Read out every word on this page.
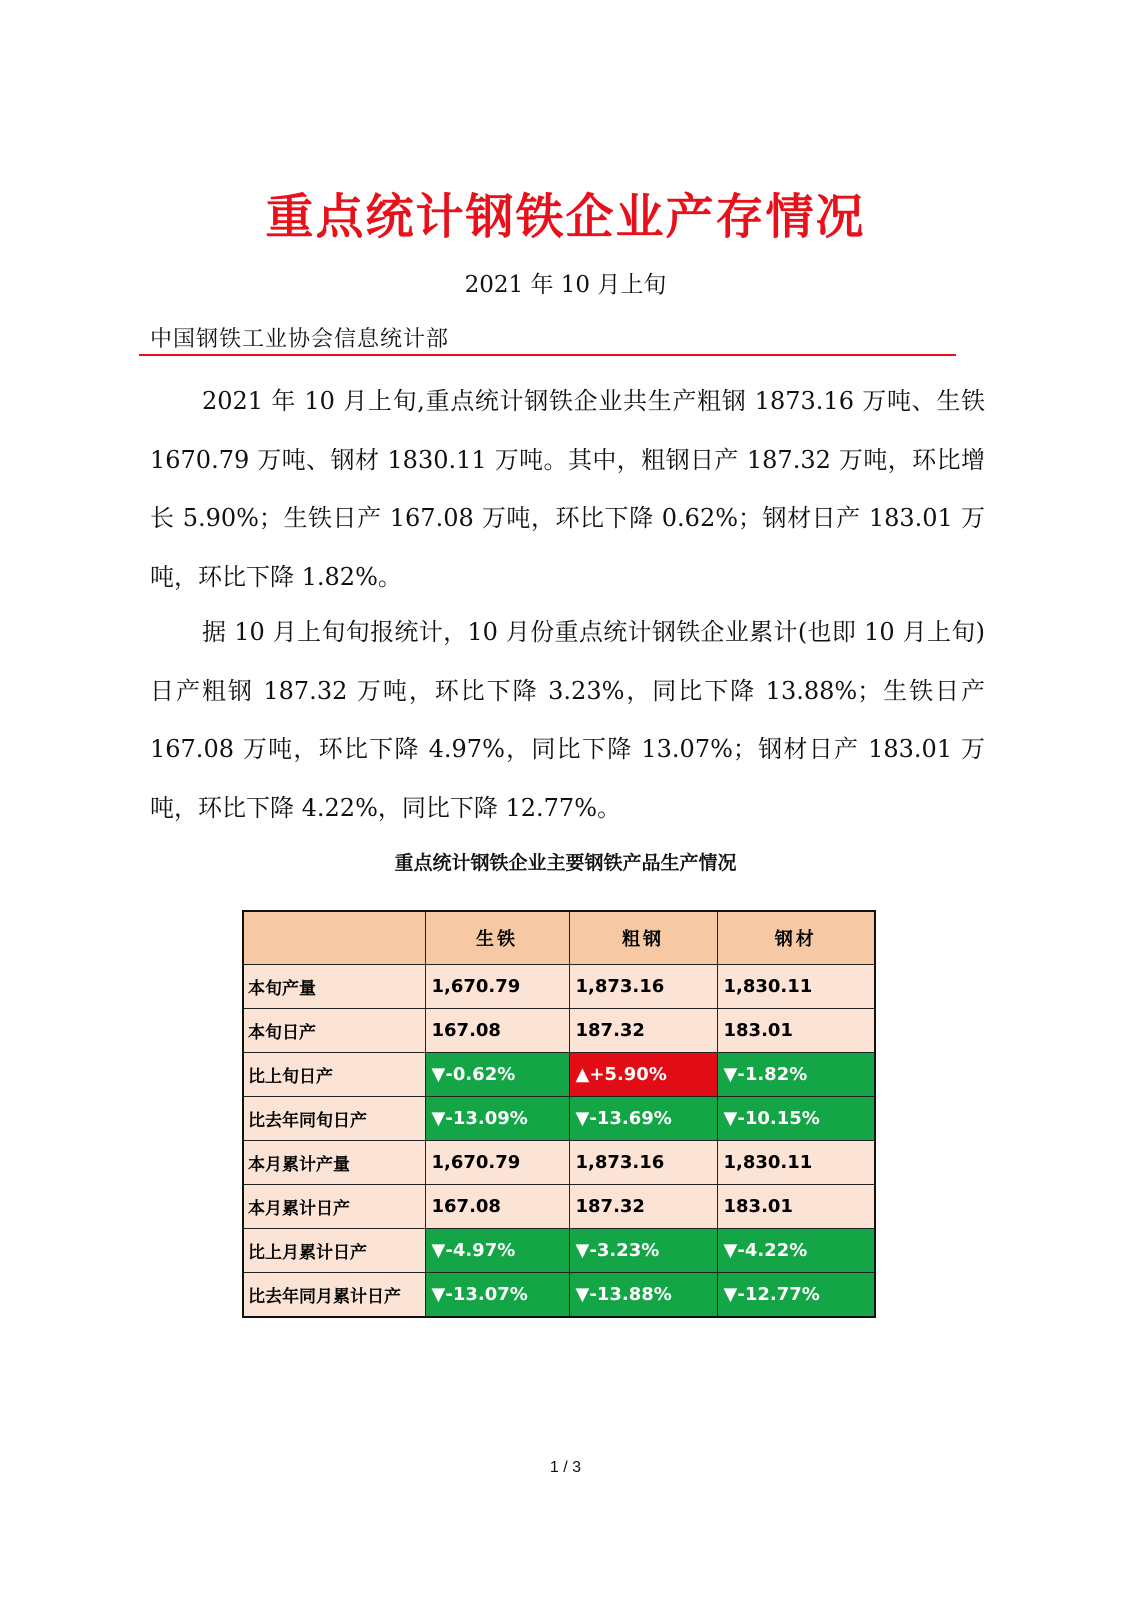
重点统计钢铁企业产存情况
2021 年 10 月上旬
中国钢铁工业协会信息统计部
2021 年 10 月上旬,重点统计钢铁企业共生产粗钢 1873.16 万吨、生铁 1670.79 万吨、钢材 1830.11 万吨。其中，粗钢日产 187.32 万吨，环比增长 5.90%；生铁日产 167.08 万吨，环比下降 0.62%；钢材日产 183.01 万吨，环比下降 1.82%。
据 10 月上旬旬报统计，10 月份重点统计钢铁企业累计(也即 10 月上旬)日产粗钢 187.32 万吨，环比下降 3.23%，同比下降 13.88%；生铁日产 167.08 万吨，环比下降 4.97%，同比下降 13.07%；钢材日产 183.01 万吨，环比下降 4.22%，同比下降 12.77%。
重点统计钢铁企业主要钢铁产品生产情况
	生铁	粗钢	钢材
本旬产量	1,670.79	1,873.16	1,830.11
本旬日产	167.08	187.32	183.01
比上旬日产	▼-0.62%	▲+5.90%	▼-1.82%
比去年同旬日产	▼-13.09%	▼-13.69%	▼-10.15%
本月累计产量	1,670.79	1,873.16	1,830.11
本月累计日产	167.08	187.32	183.01
比上月累计日产	▼-4.97%	▼-3.23%	▼-4.22%
比去年同月累计日产	▼-13.07%	▼-13.88%	▼-12.77%
1 / 3
